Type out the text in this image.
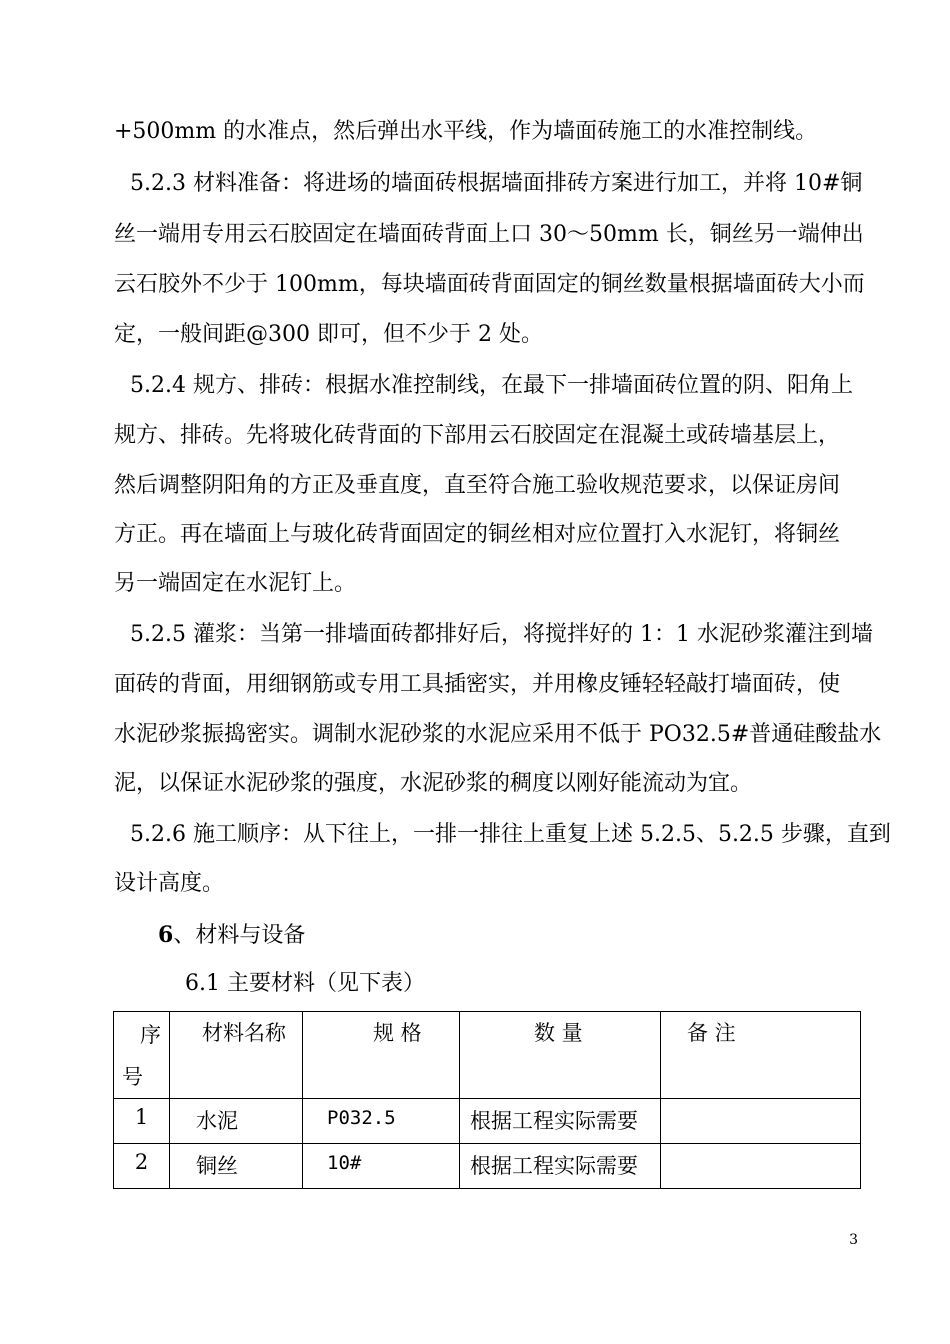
+500mm 的水准点，然后弹出水平线，作为墙面砖施工的水准控制线。
5.2.3 材料准备：将进场的墙面砖根据墙面排砖方案进行加工，并将 10#铜
丝一端用专用云石胶固定在墙面砖背面上口 30～50mm 长，铜丝另一端伸出
云石胶外不少于 100mm，每块墙面砖背面固定的铜丝数量根据墙面砖大小而
定，一般间距@300 即可，但不少于 2 处。
5.2.4 规方、排砖：根据水准控制线，在最下一排墙面砖位置的阴、阳角上
规方、排砖。先将玻化砖背面的下部用云石胶固定在混凝土或砖墙基层上，
然后调整阴阳角的方正及垂直度，直至符合施工验收规范要求，以保证房间
方正。再在墙面上与玻化砖背面固定的铜丝相对应位置打入水泥钉，将铜丝
另一端固定在水泥钉上。
5.2.5 灌浆：当第一排墙面砖都排好后，将搅拌好的 1：1 水泥砂浆灌注到墙
面砖的背面，用细钢筋或专用工具插密实，并用橡皮锤轻轻敲打墙面砖，使
水泥砂浆振捣密实。调制水泥砂浆的水泥应采用不低于 PO32.5#普通硅酸盐水
泥，以保证水泥砂浆的强度，水泥砂浆的稠度以刚好能流动为宜。
5.2.6 施工顺序：从下往上，一排一排往上重复上述 5.2.5、5.2.5 步骤，直到
设计高度。
6、材料与设备
6.1 主要材料（见下表）
序
号	材料名称	规 格	数 量	备 注

1	水泥	P032.5	根据工程实际需要	

2	铜丝	10#	根据工程实际需要	

3
